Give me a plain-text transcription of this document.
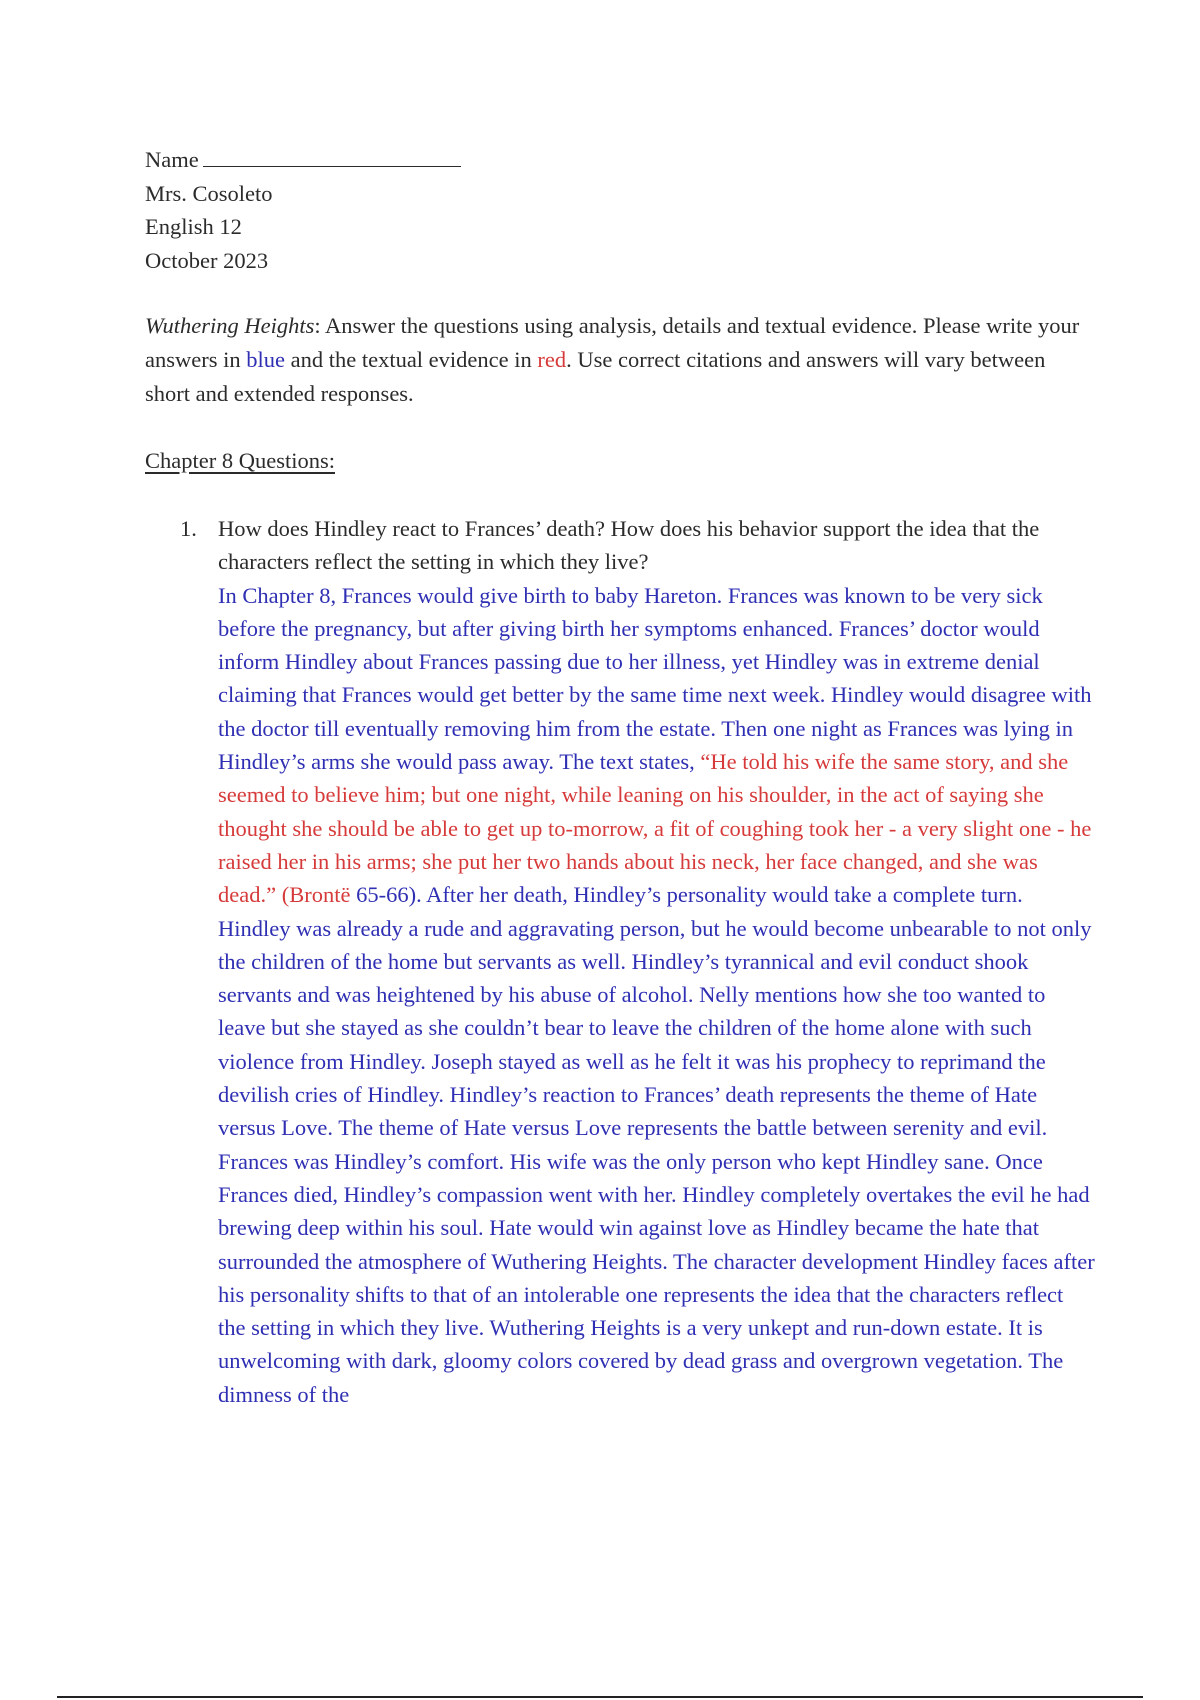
Name
Mrs. Cosoleto
English 12
October 2023
Wuthering Heights: Answer the questions using analysis, details and textual evidence. Please write your answers in blue and the textual evidence in red. Use correct citations and answers will vary between short and extended responses.
Chapter 8 Questions:
1. How does Hindley react to Frances’ death? How does his behavior support the idea that the characters reflect the setting in which they live?
In Chapter 8, Frances would give birth to baby Hareton. Frances was known to be very sick before the pregnancy, but after giving birth her symptoms enhanced. Frances’ doctor would inform Hindley about Frances passing due to her illness, yet Hindley was in extreme denial claiming that Frances would get better by the same time next week. Hindley would disagree with the doctor till eventually removing him from the estate. Then one night as Frances was lying in Hindley’s arms she would pass away. The text states, “He told his wife the same story, and she seemed to believe him; but one night, while leaning on his shoulder, in the act of saying she thought she should be able to get up to-morrow, a fit of coughing took her - a very slight one - he raised her in his arms; she put her two hands about his neck, her face changed, and she was dead.” (Brontë 65-66). After her death, Hindley’s personality would take a complete turn. Hindley was already a rude and aggravating person, but he would become unbearable to not only the children of the home but servants as well. Hindley’s tyrannical and evil conduct shook servants and was heightened by his abuse of alcohol. Nelly mentions how she too wanted to leave but she stayed as she couldn’t bear to leave the children of the home alone with such violence from Hindley. Joseph stayed as well as he felt it was his prophecy to reprimand the devilish cries of Hindley. Hindley’s reaction to Frances’ death represents the theme of Hate versus Love. The theme of Hate versus Love represents the battle between serenity and evil. Frances was Hindley’s comfort. His wife was the only person who kept Hindley sane. Once Frances died, Hindley’s compassion went with her. Hindley completely overtakes the evil he had brewing deep within his soul. Hate would win against love as Hindley became the hate that surrounded the atmosphere of Wuthering Heights. The character development Hindley faces after his personality shifts to that of an intolerable one represents the idea that the characters reflect the setting in which they live. Wuthering Heights is a very unkept and run-down estate. It is unwelcoming with dark, gloomy colors covered by dead grass and overgrown vegetation. The dimness of the
